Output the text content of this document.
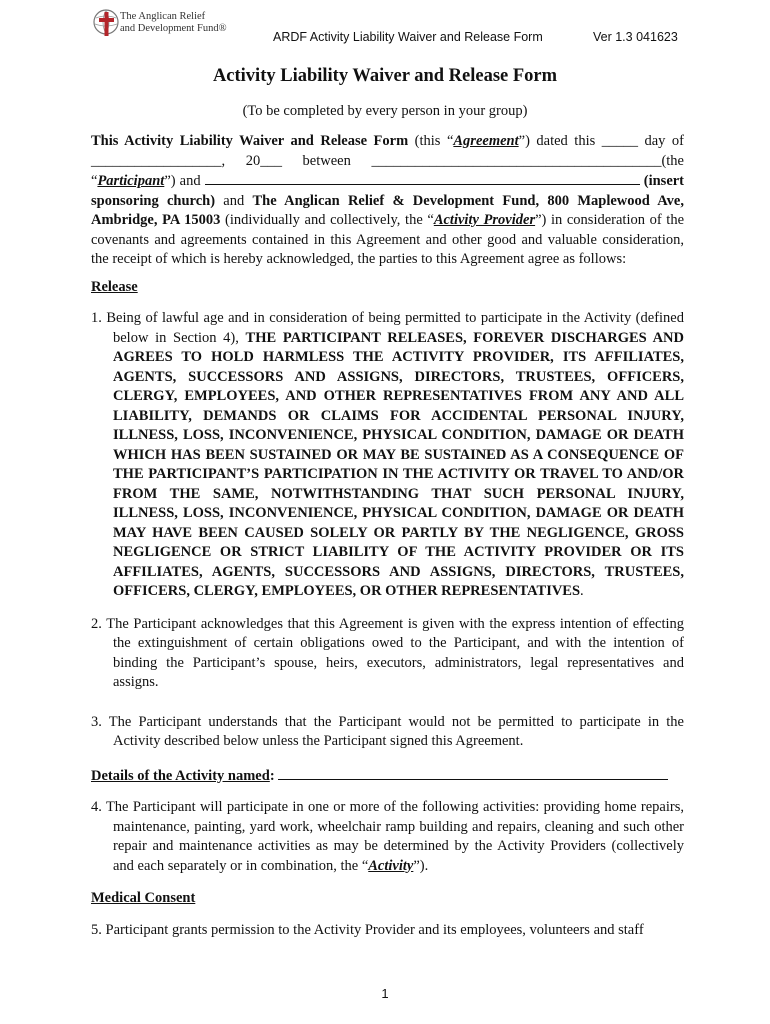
The Anglican Relief
and Development Fund®
ARDF Activity Liability Waiver and Release Form	Ver 1.3 041623
Activity Liability Waiver and Release Form
(To be completed by every person in your group)

This Activity Liability Waiver and Release Form (this “Agreement”) dated this _____ day of __________________, 20___ between ________________________________________(the “Participant”) and	(insert sponsoring church) and The Anglican Relief & Development Fund, 800 Maplewood Ave, Ambridge, PA 15003 (individually and collectively, the “Activity Provider”) in consideration of the covenants and agreements contained in this Agreement and other good and valuable consideration, the receipt of which is hereby acknowledged, the parties to this Agreement agree as follows:

Release

1. Being of lawful age and in consideration of being permitted to participate in the Activity (defined below in Section 4), THE PARTICIPANT RELEASES, FOREVER DISCHARGES AND AGREES TO HOLD HARMLESS THE ACTIVITY PROVIDER, ITS AFFILIATES, AGENTS, SUCCESSORS AND ASSIGNS, DIRECTORS, TRUSTEES, OFFICERS, CLERGY, EMPLOYEES, AND OTHER REPRESENTATIVES FROM ANY AND ALL LIABILITY, DEMANDS OR CLAIMS FOR ACCIDENTAL PERSONAL INJURY, ILLNESS, LOSS, INCONVENIENCE, PHYSICAL CONDITION, DAMAGE OR DEATH WHICH HAS BEEN SUSTAINED OR MAY BE SUSTAINED AS A CONSEQUENCE OF THE PARTICIPANT’S PARTICIPATION IN THE ACTIVITY OR TRAVEL TO AND/OR FROM THE SAME, NOTWITHSTANDING THAT SUCH PERSONAL INJURY, ILLNESS, LOSS, INCONVENIENCE, PHYSICAL CONDITION, DAMAGE OR DEATH MAY HAVE BEEN CAUSED SOLELY OR PARTLY BY THE NEGLIGENCE, GROSS NEGLIGENCE OR STRICT LIABILITY OF THE ACTIVITY PROVIDER OR ITS AFFILIATES, AGENTS, SUCCESSORS AND ASSIGNS, DIRECTORS, TRUSTEES, OFFICERS, CLERGY, EMPLOYEES, OR OTHER REPRESENTATIVES.

2. The Participant acknowledges that this Agreement is given with the express intention of effecting the extinguishment of certain obligations owed to the Participant, and with the intention of binding the Participant’s spouse, heirs, executors, administrators, legal representatives and assigns.

3. The Participant understands that the Participant would not be permitted to participate in the Activity described below unless the Participant signed this Agreement.

Details of the Activity named:

4. The Participant will participate in one or more of the following activities: providing home repairs, maintenance, painting, yard work, wheelchair ramp building and repairs, cleaning and such other repair and maintenance activities as may be determined by the Activity Providers (collectively and each separately or in combination, the “Activity”).

Medical Consent

5. Participant grants permission to the Activity Provider and its employees, volunteers and staff

1
